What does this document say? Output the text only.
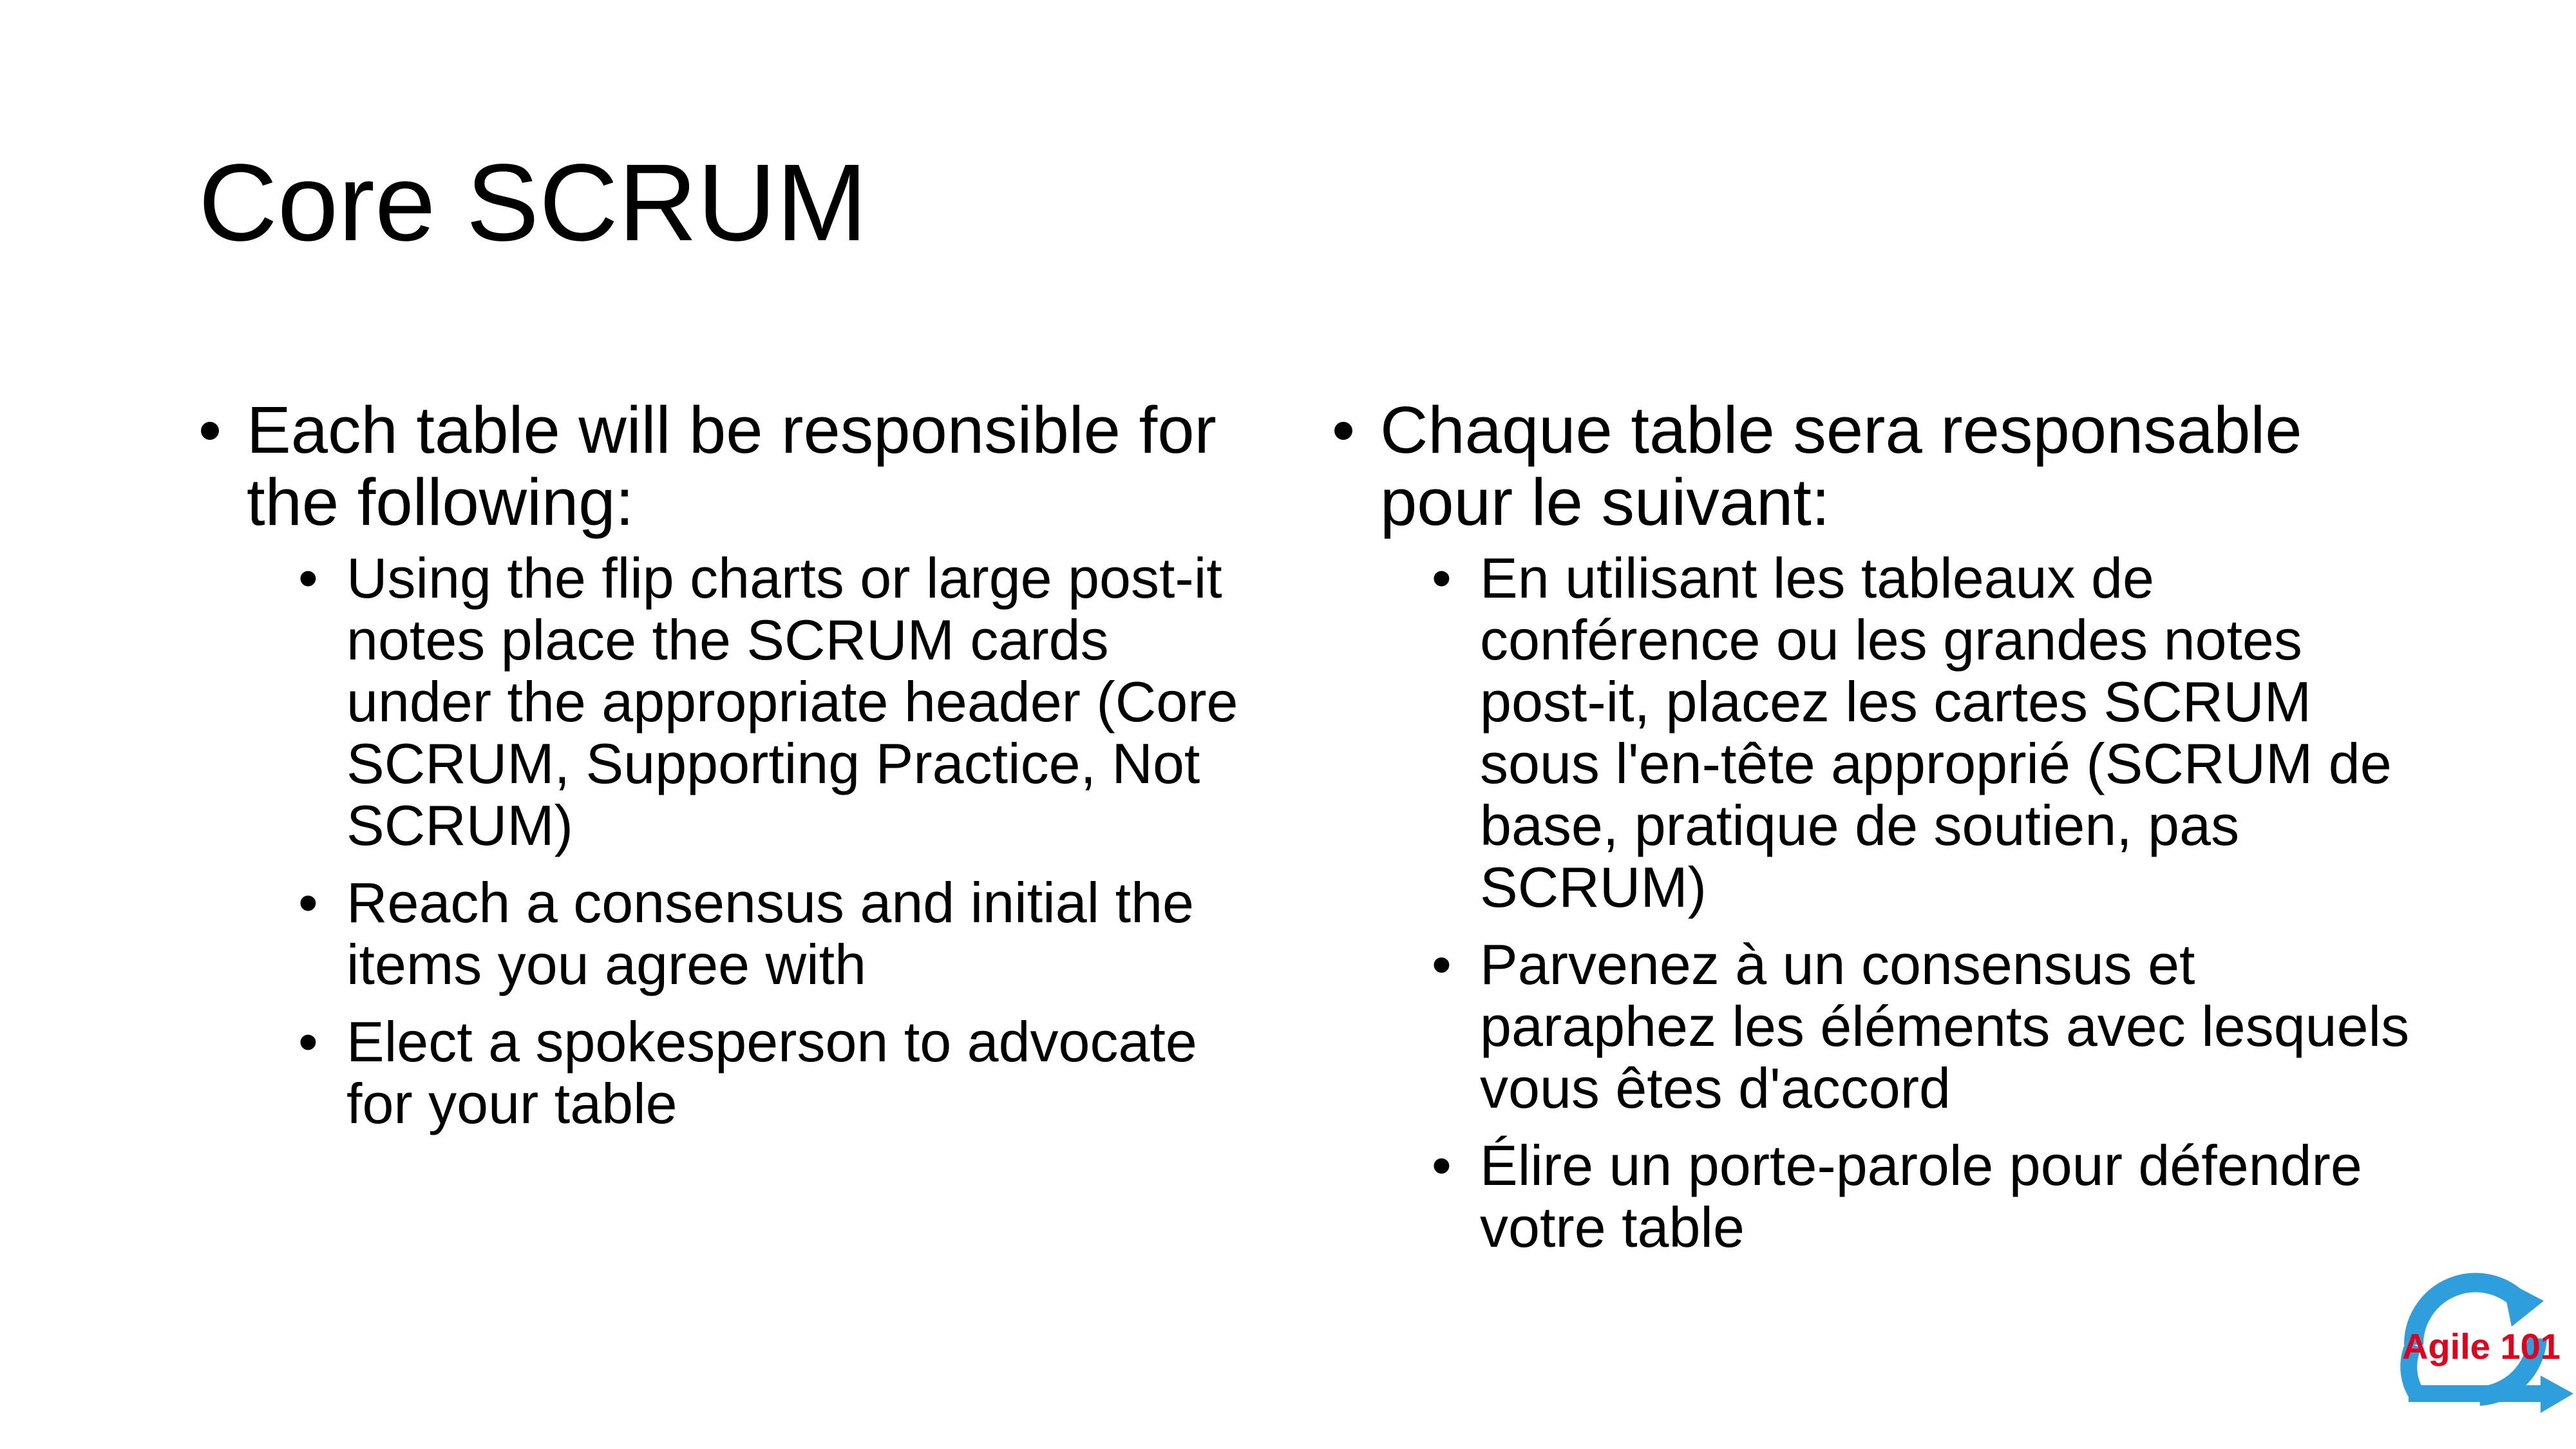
Core SCRUM
• Each table will be responsible for the following:
• Using the flip charts or large post-it notes place the SCRUM cards under the appropriate header (Core SCRUM, Supporting Practice, Not SCRUM)
• Reach a consensus and initial the items you agree with
• Elect a spokesperson to advocate for your table
• Chaque table sera responsable pour le suivant:
• En utilisant les tableaux de conférence ou les grandes notes post-it, placez les cartes SCRUM sous l'en-tête approprié (SCRUM de base, pratique de soutien, pas SCRUM)
• Parvenez à un consensus et paraphez les éléments avec lesquels vous êtes d'accord
• Élire un porte-parole pour défendre votre table
Agile 101
